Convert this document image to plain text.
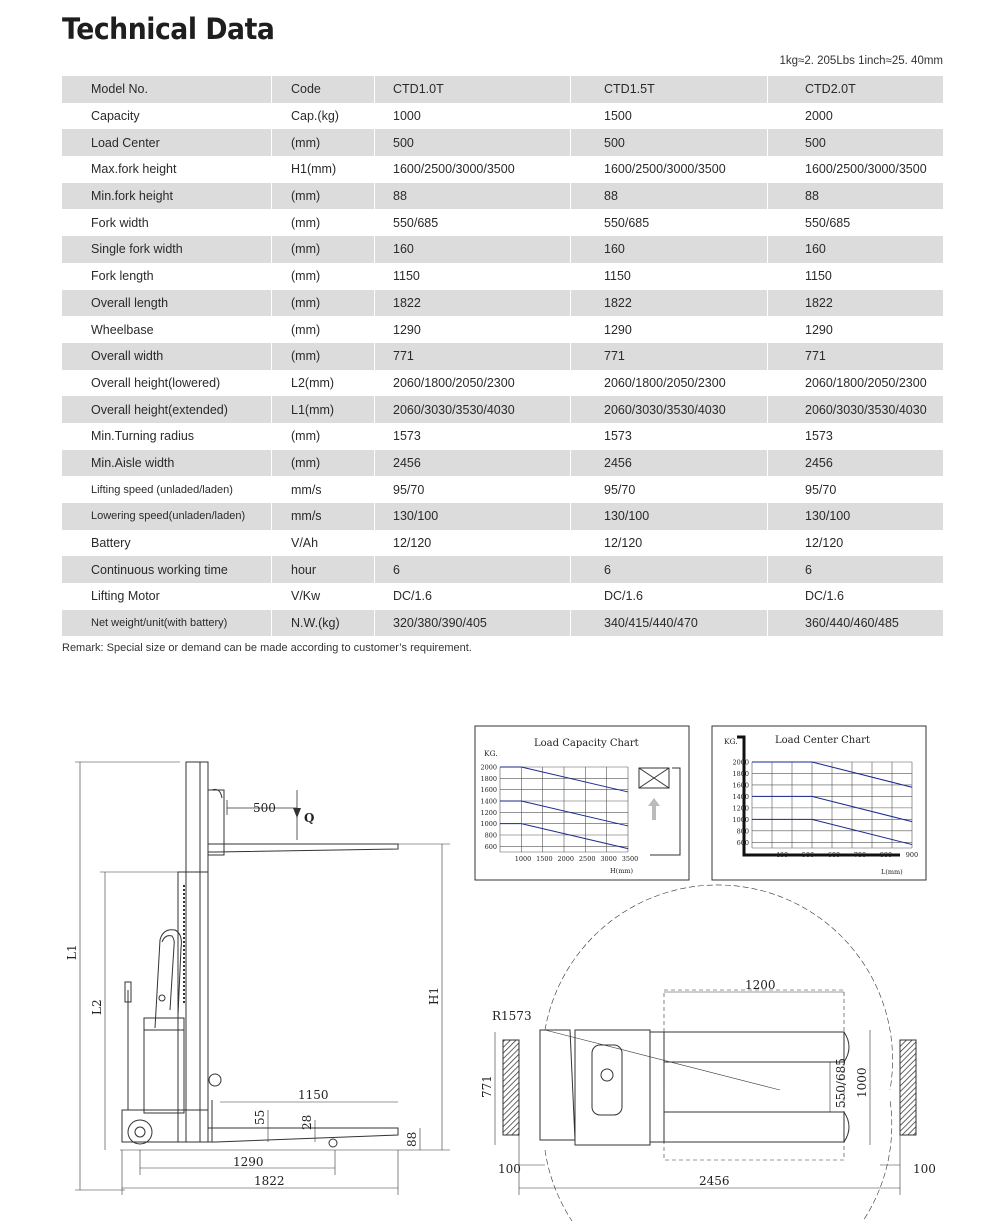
Technical Data
1kg≈2. 205Lbs 1inch≈25. 40mm
Model No.	Code	CTD1.0T	CTD1.5T	CTD2.0T
Capacity	Cap.(kg)	1000	1500	2000
Load Center	(mm)	500	500	500
Max.fork height	H1(mm)	1600/2500/3000/3500	1600/2500/3000/3500	1600/2500/3000/3500
Min.fork height	(mm)	88	88	88
Fork width	(mm)	550/685	550/685	550/685
Single fork width	(mm)	160	160	160
Fork length	(mm)	1150	1150	1150
Overall length	(mm)	1822	1822	1822
Wheelbase	(mm)	1290	1290	1290
Overall width	(mm)	771	771	771
Overall height(lowered)	L2(mm)	2060/1800/2050/2300	2060/1800/2050/2300	2060/1800/2050/2300
Overall height(extended)	L1(mm)	2060/3030/3530/4030	2060/3030/3530/4030	2060/3030/3530/4030
Min.Turning radius	(mm)	1573	1573	1573
Min.Aisle width	(mm)	2456	2456	2456
Lifting speed (unladed/laden)	mm/s	95/70	95/70	95/70
Lowering speed(unladen/laden)	mm/s	130/100	130/100	130/100
Battery	V/Ah	12/120	12/120	12/120
Continuous working time	hour	6	6	6
Lifting Motor	V/Kw	DC/1.6	DC/1.6	DC/1.6
Net weight/unit(with battery)	N.W.(kg)	320/380/390/405	340/415/440/470	360/440/460/485
Remark: Special size or demand can be made according to customer’s requirement.
500
Q
L1
L2
H1
1150
55	28
88
1290
1822
R1573
1200
771	550/685 1000
100
2456
100
Load Capacity Chart
KG.
2000
1800
1600
1400
1200
1000
800
600
1000 1500 2000 2500 3000 3500
H(mm)
Load Center Chart
KG.
2000
1800
1600
1400
1200
1000
800
600
400 500 600 700 800 900
L(mm)
